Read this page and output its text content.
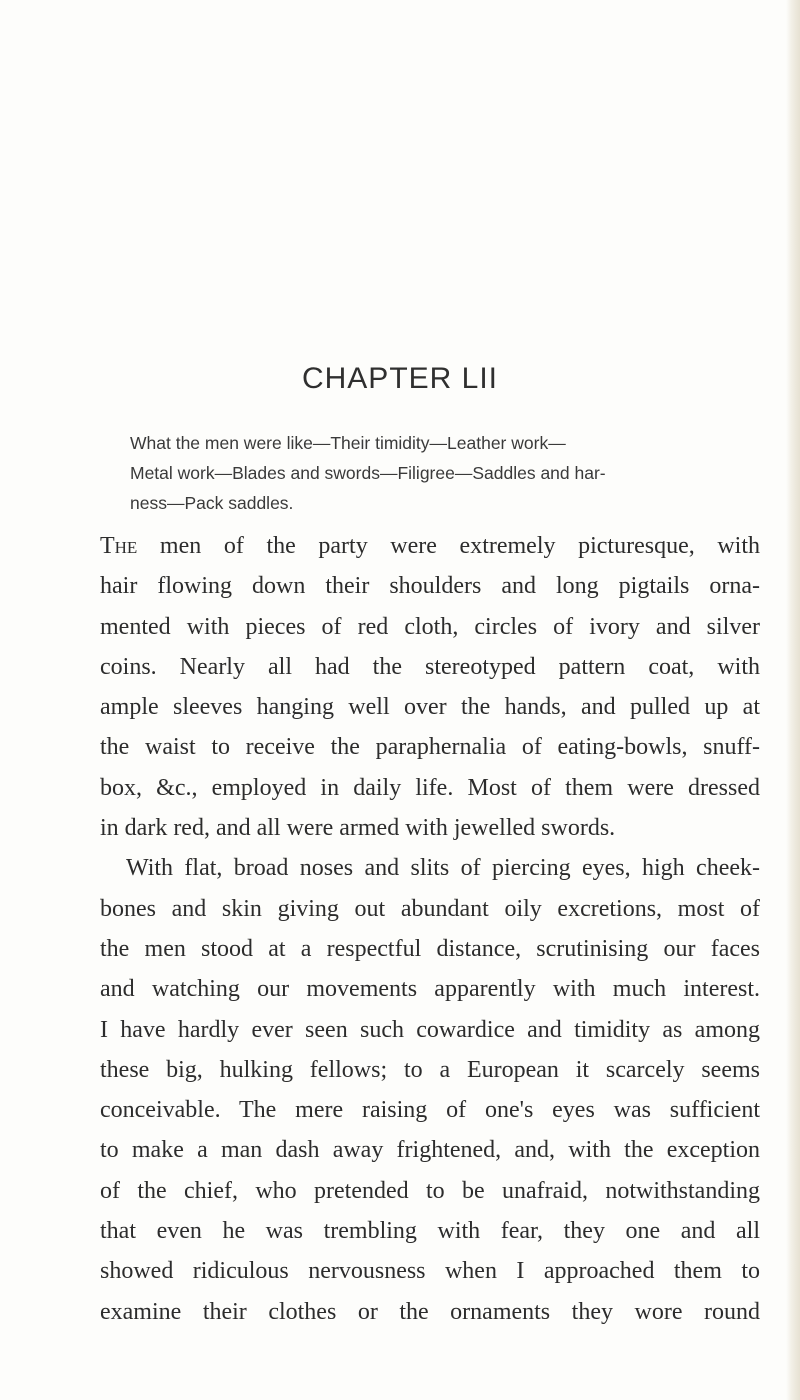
CHAPTER LII

What the men were like—Their timidity—Leather work—
Metal work—Blades and swords—Filigree—Saddles and har-
ness—Pack saddles.

The men of the party were extremely picturesque, with
hair flowing down their shoulders and long pigtails orna-
mented with pieces of red cloth, circles of ivory and silver
coins. Nearly all had the stereotyped pattern coat, with
ample sleeves hanging well over the hands, and pulled up at
the waist to receive the paraphernalia of eating-bowls, snuff-
box, &c., employed in daily life. Most of them were dressed
in dark red, and all were armed with jewelled swords.
With flat, broad noses and slits of piercing eyes, high cheek-
bones and skin giving out abundant oily excretions, most of
the men stood at a respectful distance, scrutinising our faces
and watching our movements apparently with much interest.
I have hardly ever seen such cowardice and timidity as among
these big, hulking fellows; to a European it scarcely seems
conceivable. The mere raising of one's eyes was sufficient
to make a man dash away frightened, and, with the exception
of the chief, who pretended to be unafraid, notwithstanding
that even he was trembling with fear, they one and all
showed ridiculous nervousness when I approached them to
examine their clothes or the ornaments they wore round
